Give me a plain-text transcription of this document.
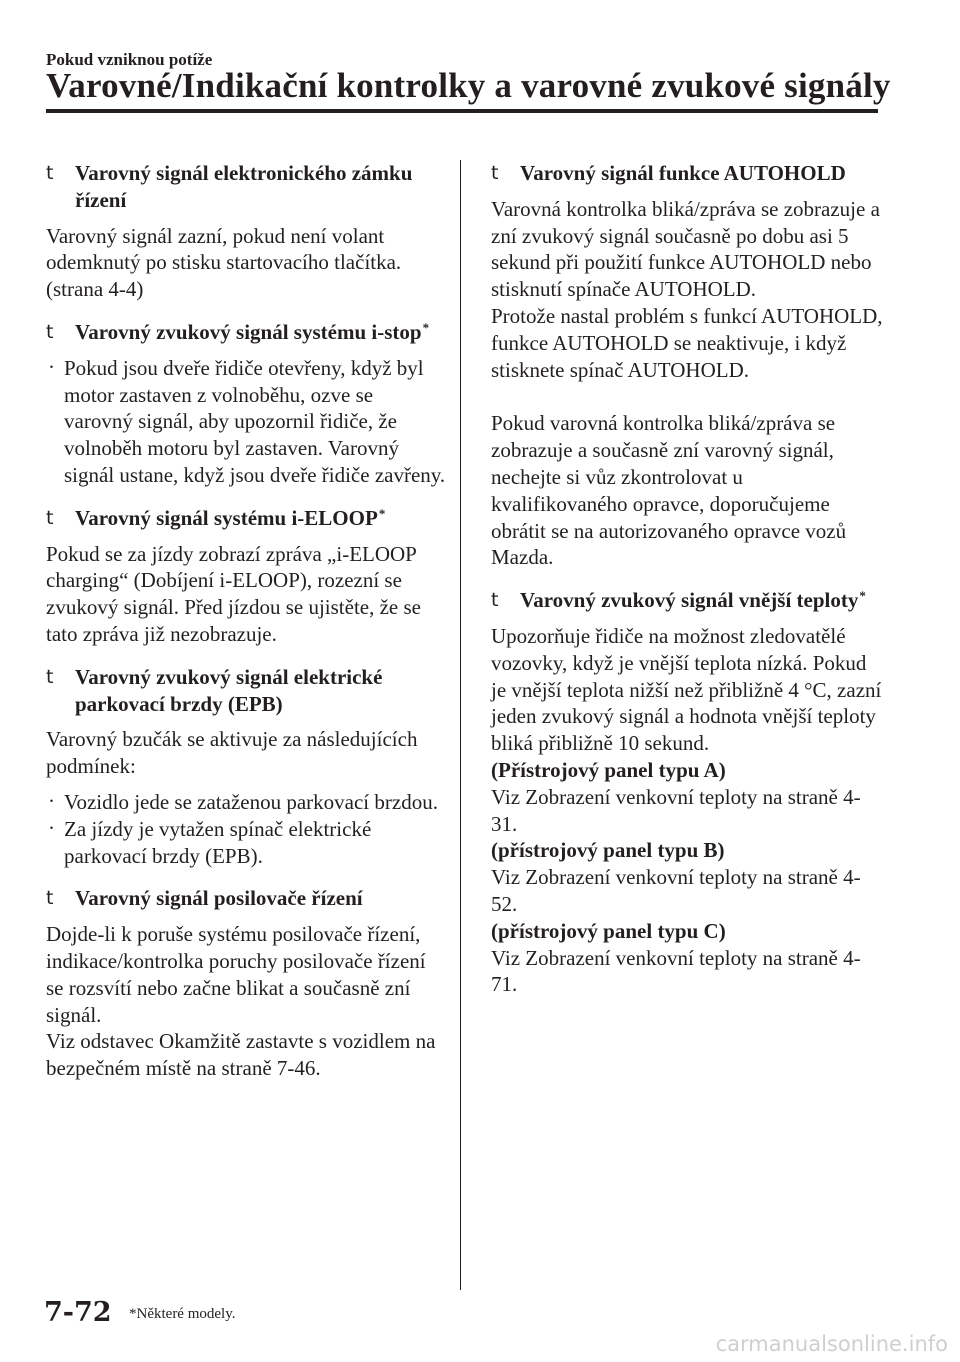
Pokud vzniknou potíže
Varovné/Indikační kontrolky a varovné zvukové signály
t Varovný signál elektronického zámku řízení
Varovný signál zazní, pokud není volant odemknutý po stisku startovacího tlačítka. (strana 4-4)
t Varovný zvukový signál systému i-stop*
· Pokud jsou dveře řidiče otevřeny, když byl motor zastaven z volnoběhu, ozve se varovný signál, aby upozornil řidiče, že volnoběh motoru byl zastaven. Varovný signál ustane, když jsou dveře řidiče zavřeny.
t Varovný signál systému i-ELOOP*
Pokud se za jízdy zobrazí zpráva „i-ELOOP charging“ (Dobíjení i-ELOOP), rozezní se zvukový signál. Před jízdou se ujistěte, že se tato zpráva již nezobrazuje.
t Varovný zvukový signál elektrické parkovací brzdy (EPB)
Varovný bzučák se aktivuje za následujících podmínek:
· Vozidlo jede se zataženou parkovací brzdou.
· Za jízdy je vytažen spínač elektrické parkovací brzdy (EPB).
t Varovný signál posilovače řízení
Dojde-li k poruše systému posilovače řízení, indikace/kontrolka poruchy posilovače řízení se rozsvítí nebo začne blikat a současně zní signál.
Viz odstavec Okamžitě zastavte s vozidlem na bezpečném místě na straně 7-46.
t Varovný signál funkce AUTOHOLD
Varovná kontrolka bliká/zpráva se zobrazuje a zní zvukový signál současně po dobu asi 5 sekund při použití funkce AUTOHOLD nebo stisknutí spínače AUTOHOLD.
Protože nastal problém s funkcí AUTOHOLD, funkce AUTOHOLD se neaktivuje, i když stisknete spínač AUTOHOLD.
Pokud varovná kontrolka bliká/zpráva se zobrazuje a současně zní varovný signál, nechejte si vůz zkontrolovat u kvalifikovaného opravce, doporučujeme obrátit se na autorizovaného opravce vozů Mazda.
t Varovný zvukový signál vnější teploty*
Upozorňuje řidiče na možnost zledovatělé vozovky, když je vnější teplota nízká. Pokud je vnější teplota nižší než přibližně 4 °C, zazní jeden zvukový signál a hodnota vnější teploty bliká přibližně 10 sekund.
(Přístrojový panel typu A)
Viz Zobrazení venkovní teploty na straně 4-31.
(přístrojový panel typu B)
Viz Zobrazení venkovní teploty na straně 4-52.
(přístrojový panel typu C)
Viz Zobrazení venkovní teploty na straně 4-71.
7-72 *Některé modely.
carmanualsonline.info
